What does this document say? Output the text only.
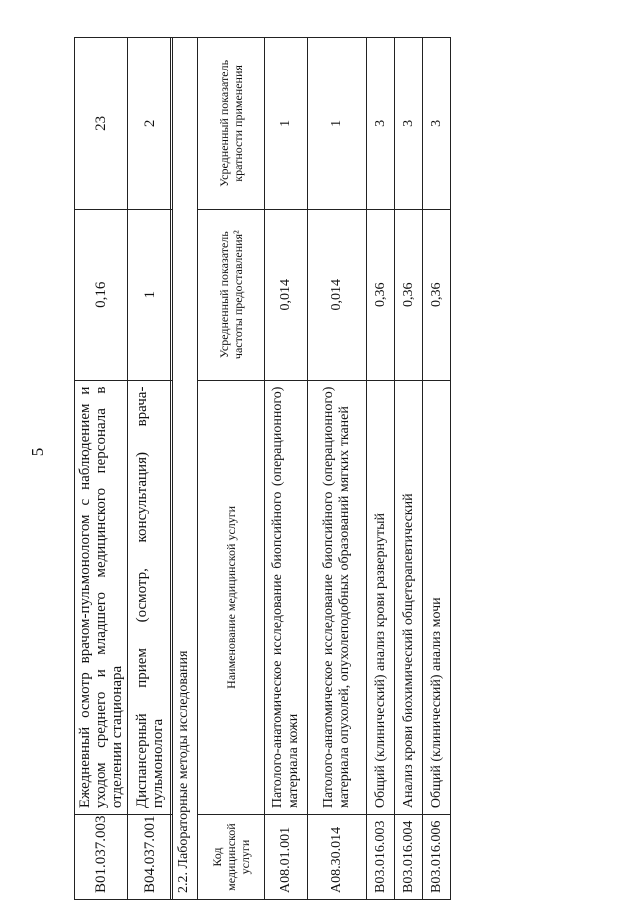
5
B01.037.003	Ежедневный осмотр врачом-пульмонологом с наблюдением и уходом среднего и младшего медицинского персонала в отделении стационара	0,16	23
B04.037.001	Диспансерный прием (осмотр, консультация) врача-пульмонолога	1	2
2.2. Лабораторные методы исследования			
Код медицинской услуги	Наименование медицинской услуги	Усредненный показатель частоты предоставления²	Усредненный показатель кратности применения
A08.01.001	Патолого-анатомическое исследование биопсийного (операционного) материала кожи	0,014	1
A08.30.014	Патолого-анатомическое исследование биопсийного (операционного) материала опухолей, опухолеподобных образований мягких тканей	0,014	1
B03.016.003	Общий (клинический) анализ крови развернутый	0,36	3
B03.016.004	Анализ крови биохимический общетерапевтический	0,36	3
B03.016.006	Общий (клинический) анализ мочи	0,36	3
